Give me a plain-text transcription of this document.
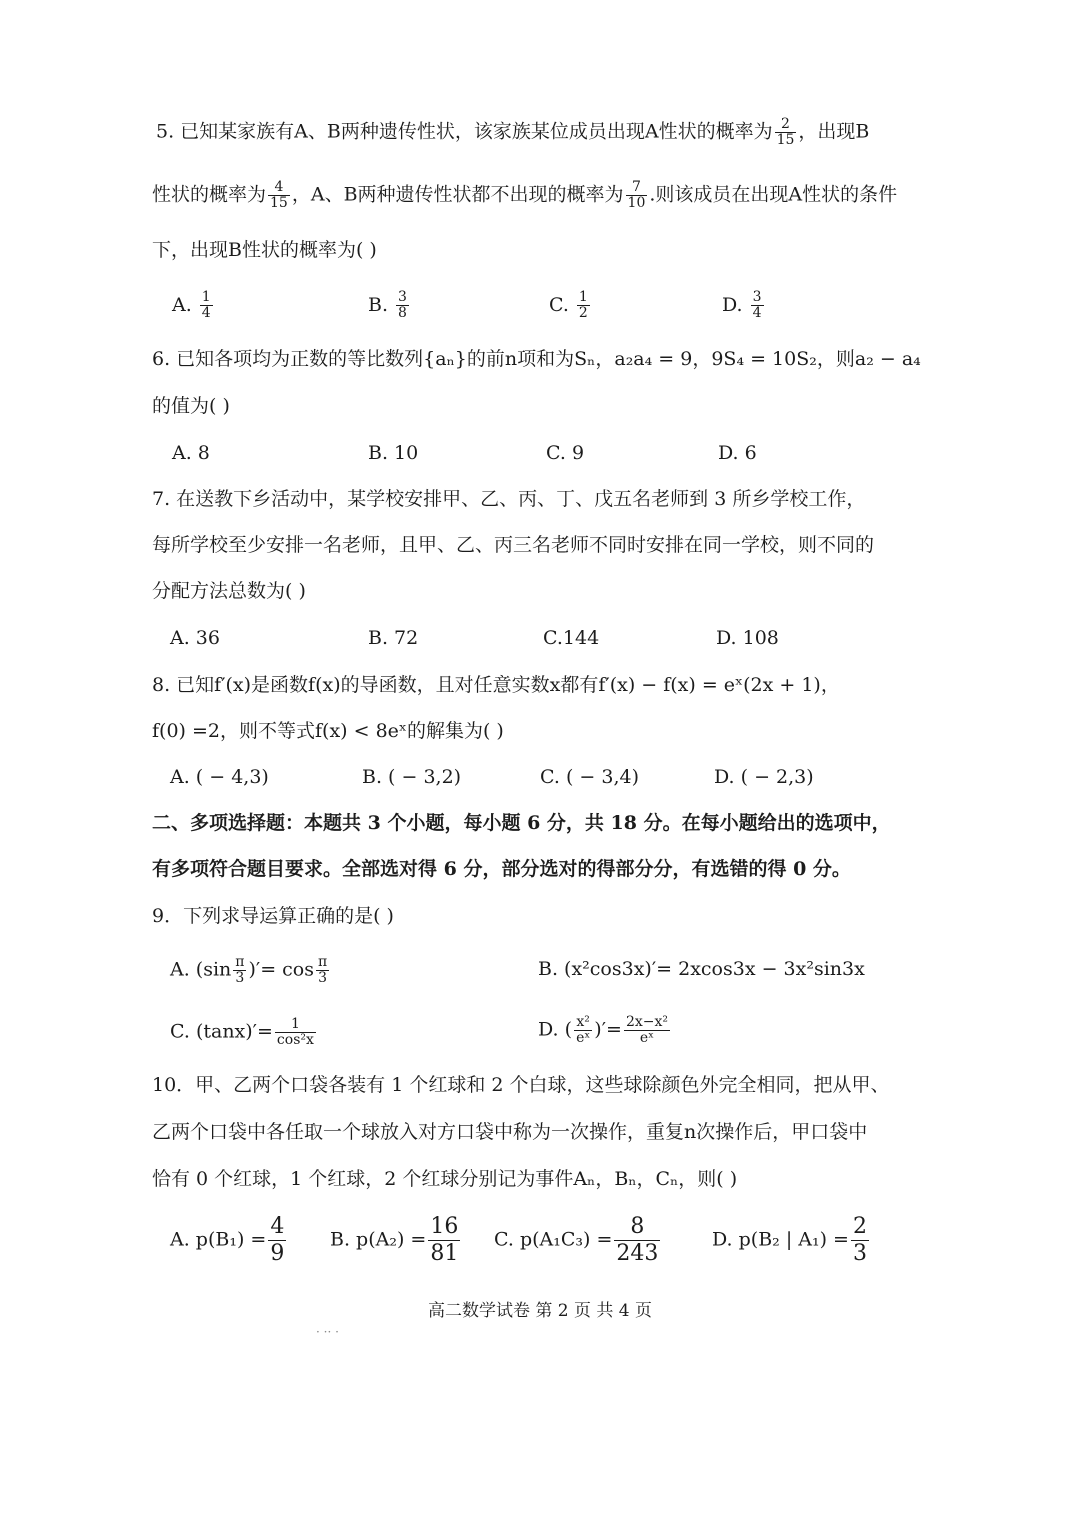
5. 已知某家族有A、B两种遗传性状，该家族某位成员出现A性状的概率为 $\frac{2}{15}$ ，出现B
性状的概率为 $\frac{4}{15}$ ，A、B两种遗传性状都不出现的概率为 $\frac{7}{10}$ .则该成员在出现A性状的条件
下，出现B性状的概率为( )
A. $\frac{1}{4}$	B. $\frac{3}{8}$	C. $\frac{1}{2}$	D. $\frac{3}{4}$
6. 已知各项均为正数的等比数列{aₙ}的前n项和为Sₙ，a₂a₄ = 9，9S₄ = 10S₂，则a₂ − a₄
的值为( )
A. 8	B. 10	C. 9	D. 6
7. 在送教下乡活动中，某学校安排甲、乙、丙、丁、戊五名老师到 3 所乡学校工作，
每所学校至少安排一名老师，且甲、乙、丙三名老师不同时安排在同一学校，则不同的
分配方法总数为( )
A. 36	B. 72	C.144	D. 108
8. 已知f′(x)是函数f(x)的导函数，且对任意实数x都有f′(x) − f(x) = eˣ(2x + 1)，
f(0) =2，则不等式f(x) < 8eˣ的解集为( )
A. ( − 4,3)	B. ( − 3,2)	C. ( − 3,4)	D. ( − 2,3)
二、多项选择题：本题共 3 个小题，每小题 6 分，共 18 分。在每小题给出的选项中，
有多项符合题目要求。全部选对得 6 分，部分选对的得部分分，有选错的得 0 分。
9．下列求导运算正确的是( )
A. ($\sin \frac{\pi}{3}$ )′= $\cos \frac{\pi}{3}$	B. (x²cos3x)′= 2xcos3x − 3x²sin3x
C. $(\tan x)'= \frac{1}{\text{cos²x}}$	D. ( $\frac{\text{x²}}{\text{eˣ}}$ )′= $\frac{\text{2x−x²}}{\text{eˣ}}$
10．甲、乙两个口袋各装有 1 个红球和 2 个白球，这些球除颜色外完全相同，把从甲、
乙两个口袋中各任取一个球放入对方口袋中称为一次操作，重复n次操作后，甲口袋中
恰有 0 个红球，1 个红球，2 个红球分别记为事件Aₙ，Bₙ，Cₙ，则( )
A. $p(B_1) = \frac{4}{9} B$. $p(A_2) = \frac{16}{81} C$. $p(A_1C_3) = \frac{8}{243}$	D. p(B₂ | $A_1) = \frac{2}{3}$
高二数学试卷 第 2 页 共 4 页
· ·· ·
